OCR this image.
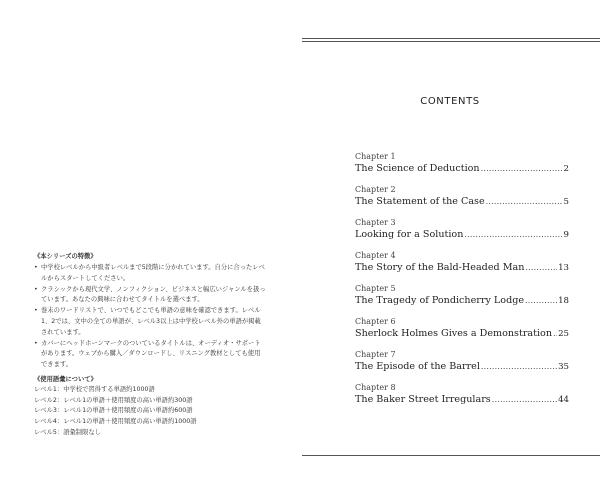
《本シリーズの特徴》
• 中学校レベルから中級者レベルまで5段階に分かれています。自分に合ったレベルからスタートしてください。
• クラシックから現代文学、ノンフィクション、ビジネスと幅広いジャンルを扱っています。あなたの興味に合わせてタイトルを選べます。
• 巻末のワードリストで、いつでもどこでも単語の意味を確認できます。レベル1、2では、文中の全ての単語が、レベル3以上は中学校レベル外の単語が掲載されています。
• カバーにヘッドホーンマークのついているタイトルは、オーディオ・サポートがあります。ウェブから購入／ダウンロードし、リスニング教材としても使用できます。
《使用語彙について》
レベル1：中学校で習得する単語約1000語
レベル2：レベル1の単語＋使用頻度の高い単語約300語
レベル3：レベル1の単語＋使用頻度の高い単語約600語
レベル4：レベル1の単語＋使用頻度の高い単語約1000語
レベル5：語彙制限なし
CONTENTS
Chapter 1
The Science of Deduction .....	2
Chapter 2
The Statement of the Case .....	5
Chapter 3
Looking for a Solution .....	9
Chapter 4
The Story of the Bald-Headed Man .....	13
Chapter 5
The Tragedy of Pondicherry Lodge .....	18
Chapter 6
Sherlock Holmes Gives a Demonstration ..... 25
Chapter 7
The Episode of the Barrel .....	35
Chapter 8
The Baker Street Irregulars .....	44
